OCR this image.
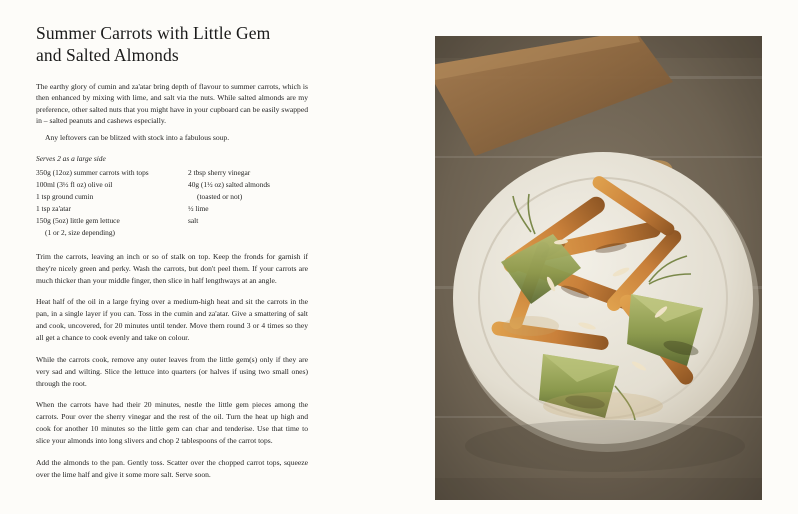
Summer Carrots with Little Gem
and Salted Almonds

The earthy glory of cumin and za'atar bring depth of flavour to summer carrots, which is then enhanced by mixing with lime, and salt via the nuts. While salted almonds are my preference, other salted nuts that you might have in your cupboard can be easily swapped in – salted peanuts and cashews especially.

Any leftovers can be blitzed with stock into a fabulous soup.

Serves 2 as a large side
350g (12oz) summer carrots with tops
100ml (3½ fl oz) olive oil
1 tsp ground cumin
1 tsp za'atar
150g (5oz) little gem lettuce
(1 or 2, size depending)
2 tbsp sherry vinegar
40g (1½ oz) salted almonds
(toasted or not)
½ lime
salt

Trim the carrots, leaving an inch or so of stalk on top. Keep the fronds for garnish if they're nicely green and perky. Wash the carrots, but don't peel them. If your carrots are much thicker than your middle finger, then slice in half lengthways at an angle.

Heat half of the oil in a large frying over a medium-high heat and sit the carrots in the pan, in a single layer if you can. Toss in the cumin and za'atar. Give a smattering of salt and cook, uncovered, for 20 minutes until tender. Move them round 3 or 4 times so they all get a chance to cook evenly and take on colour.

While the carrots cook, remove any outer leaves from the little gem(s) only if they are very sad and wilting. Slice the lettuce into quarters (or halves if using two small ones) through the root.

When the carrots have had their 20 minutes, nestle the little gem pieces among the carrots. Pour over the sherry vinegar and the rest of the oil. Turn the heat up high and cook for another 10 minutes so the little gem can char and tenderise. Use that time to slice your almonds into long slivers and chop 2 tablespoons of the carrot tops.

Add the almonds to the pan. Gently toss. Scatter over the chopped carrot tops, squeeze over the lime half and give it some more salt. Serve soon.
